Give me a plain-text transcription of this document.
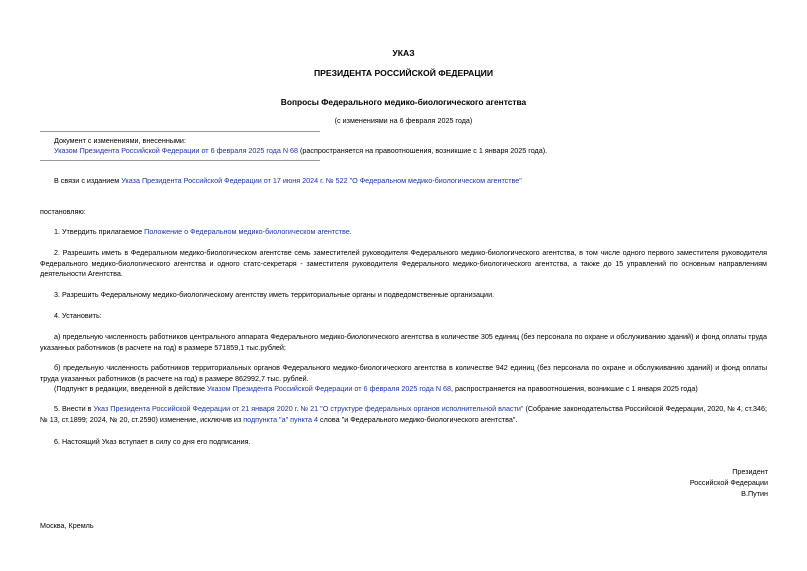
УКАЗ
ПРЕЗИДЕНТА РОССИЙСКОЙ ФЕДЕРАЦИИ
Вопросы Федерального медико-биологического агентства
(с изменениями на 6 февраля 2025 года)
Документ с изменениями, внесенными:
Указом Президента Российской Федерации от 6 февраля 2025 года N 68 (распространяется на правоотношения, возникшие с 1 января 2025 года).
В связи с изданием Указа Президента Российской Федерации от 17 июня 2024 г. № 522 "О Федеральном медико-биологическом агентстве"
постановляю:
1. Утвердить прилагаемое Положение о Федеральном медико-биологическом агентстве.
2. Разрешить иметь в Федеральном медико-биологическом агентстве семь заместителей руководителя Федерального медико-биологического агентства, в том числе одного первого заместителя руководителя Федерального медико-биологического агентства и одного статс-секретаря - заместителя руководителя Федерального медико-биологического агентства, а также до 15 управлений по основным направлениям деятельности Агентства.
3. Разрешить Федеральному медико-биологическому агентству иметь территориальные органы и подведомственные организации.
4. Установить:
а) предельную численность работников центрального аппарата Федерального медико-биологического агентства в количестве 305 единиц (без персонала по охране и обслуживанию зданий) и фонд оплаты труда указанных работников (в расчете на год) в размере 571859,1 тыс.рублей;
б) предельную численность работников территориальных органов Федерального медико-биологического агентства в количестве 942 единиц (без персонала по охране и обслуживанию зданий) и фонд оплаты труда указанных работников (в расчете на год) в размере 862992,7 тыс. рублей.
(Подпункт в редакции, введенной в действие Указом Президента Российской Федерации от 6 февраля 2025 года N 68, распространяется на правоотношения, возникшие с 1 января 2025 года)
5. Внести в Указ Президента Российской Федерации от 21 января 2020 г. № 21 "О структуре федеральных органов исполнительной власти" (Собрание законодательства Российской Федерации, 2020, № 4, ст.346; № 13, ст.1899; 2024, № 20, ст.2590) изменение, исключив из подпункта "а" пункта 4 слова "и Федерального медико-биологического агентства".
6. Настоящий Указ вступает в силу со дня его подписания.
Президент
Российской Федерации
В.Путин
Москва, Кремль
